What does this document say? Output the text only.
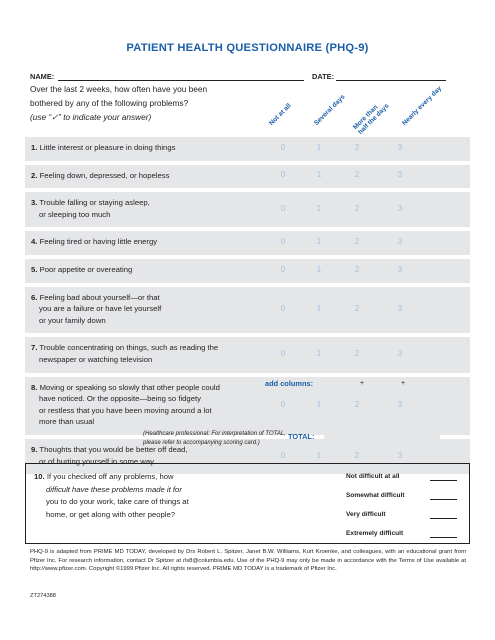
PATIENT HEALTH QUESTIONNAIRE (PHQ-9)
NAME:	DATE:
Over the last 2 weeks, how often have you been
bothered by any of the following problems?
(use “✓” to indicate your answer)	Not at all	Several days More than half the days	Nearly every day
1. Little interest or pleasure in doing things	0	1	2	3
2. Feeling down, depressed, or hopeless	0	1	2	3
3. Trouble falling or staying asleep,
or sleeping too much
0	1	2	3
4. Feeling tired or having little energy	0	1	2	3
5. Poor appetite or overeating	0	1	2	3
6. Feeling bad about yourself—or that
you are a failure or have let yourself
or your family down
0	1	2	3
7. Trouble concentrating on things, such as reading the
newspaper or watching television
0	1	2	3
8. Moving or speaking so slowly that other people could
have noticed. Or the opposite—being so fidgety
or restless that you have been moving around a lot
more than usual
0	1	2	3
9. Thoughts that you would be better off dead,
or of hurting yourself in some way
0	1	2	3
add columns:	+	+
(Healthcare professional: For interpretation of TOTAL,
please refer to accompanying scoring card.)
TOTAL:
10. If you checked off any problems, how
difficult have these problems made it for
you to do your work, take care of things at
home, or get along with other people?
Not difficult at all
Somewhat difficult
Very difficult
Extremely difficult
PHQ-9 is adapted from PRIME MD TODAY, developed by Drs Robert L. Spitzer, Janet B.W. Williams, Kurt Kroenke, and colleagues, with an educational grant from Pfizer Inc. For research information, contact Dr Spitzer at rls8@columbia.edu. Use of the PHQ-9 may only be made in accordance with the Terms of Use available at http://www.pfizer.com. Copyright ©1999 Pfizer Inc. All rights reserved. PRIME MD TODAY is a trademark of Pfizer Inc.
ZT274388
